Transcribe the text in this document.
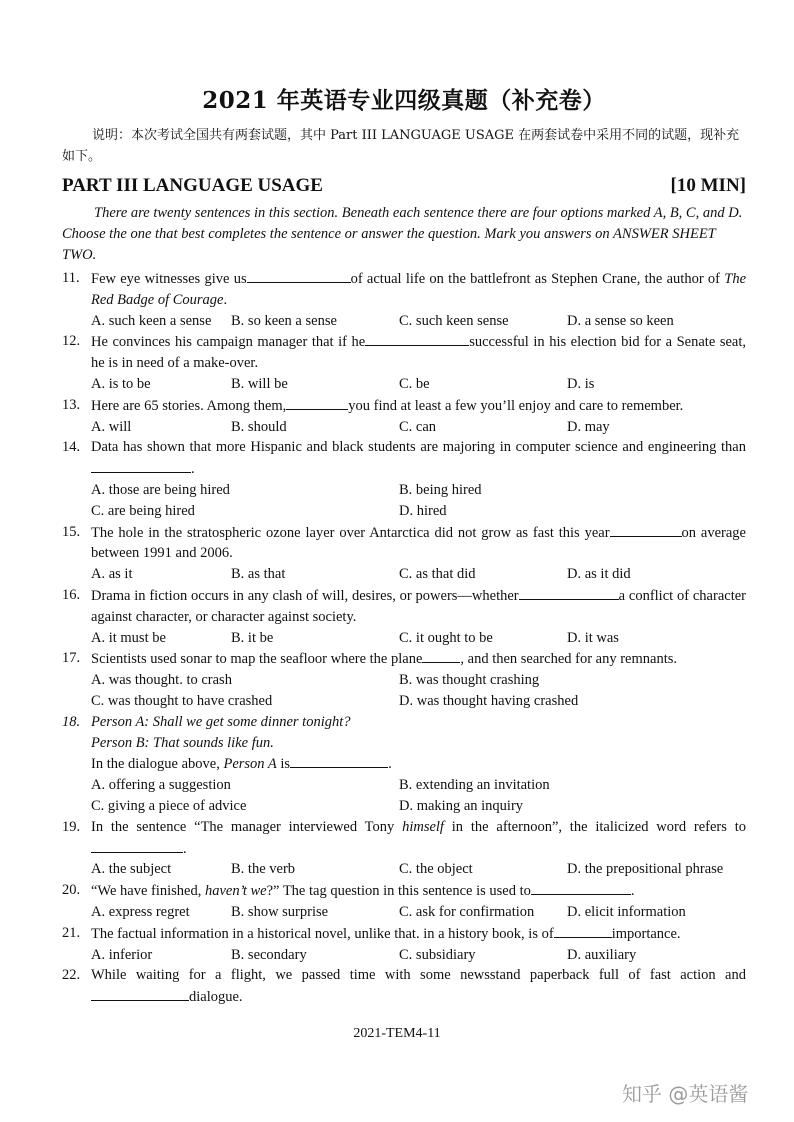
2021 年英语专业四级真题（补充卷）
说明：本次考试全国共有两套试题，其中 Part III LANGUAGE USAGE 在两套试卷中采用不同的试题，现补充如下。
PART III LANGUAGE USAGE	[10 MIN]
There are twenty sentences in this section. Beneath each sentence there are four options marked A, B, C, and D. Choose the one that best completes the sentence or answer the question. Mark you answers on ANSWER SHEET TWO.
11. Few eye witnesses give us	of actual life on the battlefront as Stephen Crane, the author of The Red Badge of Courage.
A. such keen a sense	B. so keen a sense	C. such keen sense	D. a sense so keen
12. He convinces his campaign manager that if he	successful in his election bid for a Senate seat, he is in need of a make-over.
A. is to be	B. will be	C. be	D. is
13. Here are 65 stories. Among them,	you find at least a few you’ll enjoy and care to remember.
A. will	B. should	C. can	D. may
14. Data has shown that more Hispanic and black students are majoring in computer science and engineering than.
A. those are being hired	B. being hired
C. are being hired	D. hired
15. The hole in the stratospheric ozone layer over Antarctica did not grow as fast this year	on average between 1991 and 2006.
A. as it	B. as that	C. as that did	D. as it did
16. Drama in fiction occurs in any clash of will, desires, or powers—whether	a conflict of character against character, or character against society.
A. it must be	B. it be	C. it ought to be	D. it was
17. Scientists used sonar to map the seafloor where the plane	, and then searched for any remnants.
A. was thought. to crash	B. was thought crashing
C. was thought to have crashed	D. was thought having crashed
18. Person A: Shall we get some dinner tonight?
Person B: That sounds like fun.
In the dialogue above, Person A is	.
A. offering a suggestion	B. extending an invitation
C. giving a piece of advice	D. making an inquiry
19. In the sentence “The manager interviewed Tony himself in the afternoon”, the italicized word refers to.
A. the subject	B. the verb	C. the object	D. the prepositional phrase
20. “We have finished, haven’t we?” The tag question in this sentence is used to	.
A. express regret	B. show surprise	C. ask for confirmation	D. elicit information
21. The factual information in a historical novel, unlike that. in a history book, is of	importance.
A. inferior	B. secondary	C. subsidiary	D. auxiliary
22. While waiting for a flight, we passed time with some newsstand paperback full of fast action and dialogue.
2021-TEM4-11
知乎 @英语酱
